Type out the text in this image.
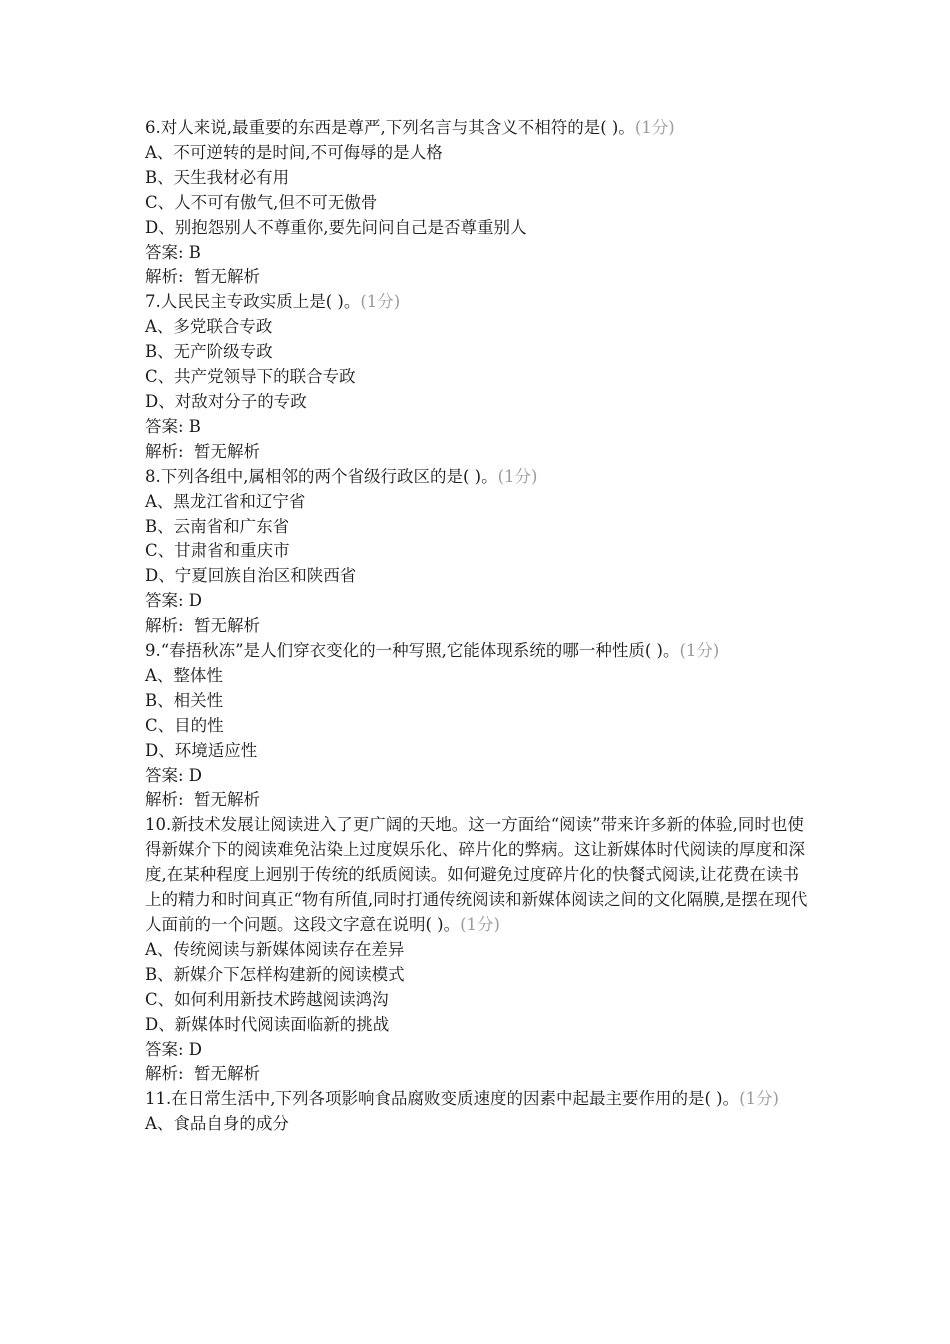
6.对人来说,最重要的东西是尊严,下列名言与其含义不相符的是( )。(1分)
A、不可逆转的是时间,不可侮辱的是人格
B、天生我材必有用
C、人不可有傲气,但不可无傲骨
D、别抱怨别人不尊重你,要先问问自己是否尊重别人
答案: B
解析:  暂无解析
7.人民民主专政实质上是( )。(1分)
A、多党联合专政
B、无产阶级专政
C、共产党领导下的联合专政
D、对敌对分子的专政
答案: B
解析:  暂无解析
8.下列各组中,属相邻的两个省级行政区的是( )。(1分)
A、黑龙江省和辽宁省
B、云南省和广东省
C、甘肃省和重庆市
D、宁夏回族自治区和陕西省
答案: D
解析:  暂无解析
9.“春捂秋冻”是人们穿衣变化的一种写照,它能体现系统的哪一种性质( )。(1分)
A、整体性
B、相关性
C、目的性
D、环境适应性
答案: D
解析:  暂无解析
10.新技术发展让阅读进入了更广阔的天地。这一方面给“阅读”带来许多新的体验,同时也使得新媒介下的阅读难免沾染上过度娱乐化、碎片化的弊病。这让新媒体时代阅读的厚度和深度,在某种程度上迥别于传统的纸质阅读。如何避免过度碎片化的快餐式阅读,让花费在读书上的精力和时间真正“物有所值,同时打通传统阅读和新媒体阅读之间的文化隔膜,是摆在现代人面前的一个问题。这段文字意在说明( )。(1分)
A、传统阅读与新媒体阅读存在差异
B、新媒介下怎样构建新的阅读模式
C、如何利用新技术跨越阅读鸿沟
D、新媒体时代阅读面临新的挑战
答案: D
解析:  暂无解析
11.在日常生活中,下列各项影响食品腐败变质速度的因素中起最主要作用的是( )。(1分)
A、食品自身的成分
